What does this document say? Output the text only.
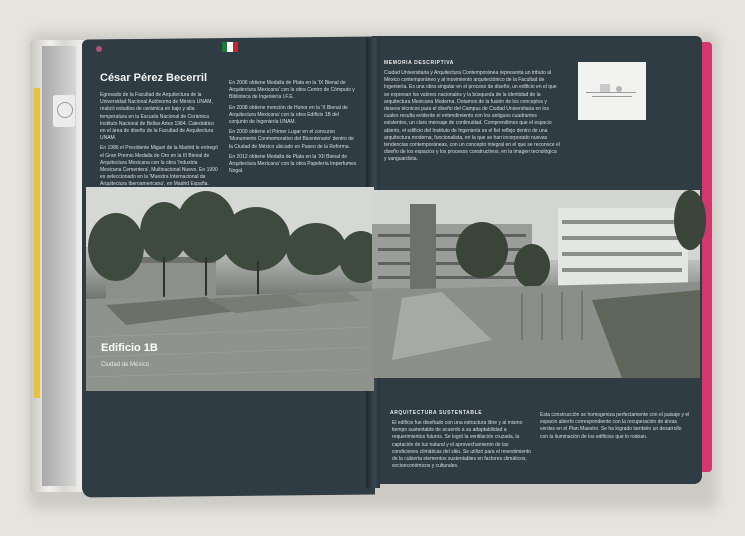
César Pérez Becerril

Egresado de la Facultad de Arquitectura de la Universidad Nacional Autónoma de México UNAM, realizó estudios de cerámica en bajo y alta temperatura en la Escuela Nacional de Cerámica Instituto Nacional de Bellas Artes 1984. Catedrático en el área de diseño de la Facultad de Arquitectura UNAM.

En 1986 el Presidente Miguel de la Madrid le entregó el Gran Premio Medalla de Oro en la III Bienal de Arquitectura Mexicana con la obra 'Industria Mexicana Cementera', Multinacional Nuevo. En 1990 es seleccionado en la 'Muestra Internacional de Arquitectura Iberoamericana', en Madrid España.

En 2006 obtiene Medalla de Plata en la 'IX Bienal de Arquitectura Mexicana' con la obra Centro de Cómputo y Biblioteca de Ingeniería I.F.E.

En 2008 obtiene mención de Honor en la 'X Bienal de Arquitectura Mexicana' con la obra Edificio 1B del conjunto de Ingeniería UNAM.

En 2009 obtiene el Primer Lugar en el concurso 'Monumento Conmemorativo del Bicentenario' dentro de la Ciudad de México ubicado en Paseo de la Reforma.

En 2012 obtiene Medalla de Plata en la 'XII Bienal de Arquitectura Mexicana' con la obra Papelería Imperfumes Nogal.

MEMORIA DESCRIPTIVA
Ciudad Universitaria y Arquitectura Contemporánea representa un tributo al México contemporáneo y al movimiento arquitectónico de la Facultad de Ingeniería. Es una obra singular en el proceso de diseño, un edificio en el que se expresan los valores nacionales y la búsqueda de la identidad de la arquitectura Mexicana Moderna. Dotamos de la fusión de los conceptos y deseos técnicos para el diseño del Campus de Ciudad Universitaria en los cuales resulta evidente el entendimiento con los antiguos cuadrantes existentes, un claro mensaje de continuidad. Comprendimos que el espacio abierto, el edificio del Instituto de Ingeniería es el fiel reflejo dentro de una arquitectura moderna, funcionalista, en la que se han incorporado nuevas tendencias contemporáneas, con un concepto integral en el que se reconoce el diseño de los espacios y los procesos constructivos, en la imagen tecnológica y vanguardista.
Edificio 1B
Ciudad de México
ARQUITECTURA SUSTENTABLE
El edificio fue diseñado con una estructura libre y al mismo tiempo sustentable de acuerdo a su adaptabilidad a requerimientos futuros. Se logró la ventilación cruzada, la captación de luz natural y el aprovechamiento de las condiciones climáticas del sitio. Se utilizó para el revestimiento de la cubierta elementos sustentables en factores climáticos, socioeconómicos y culturales.
Esta construcción se homogeniza perfectamente con el paisaje y el espacio abierto correspondiente con la recuperación de áreas verdes en el Plan Maestro. Se ha logrado también un desarrollo con la iluminación de los edificios que lo rodean.
